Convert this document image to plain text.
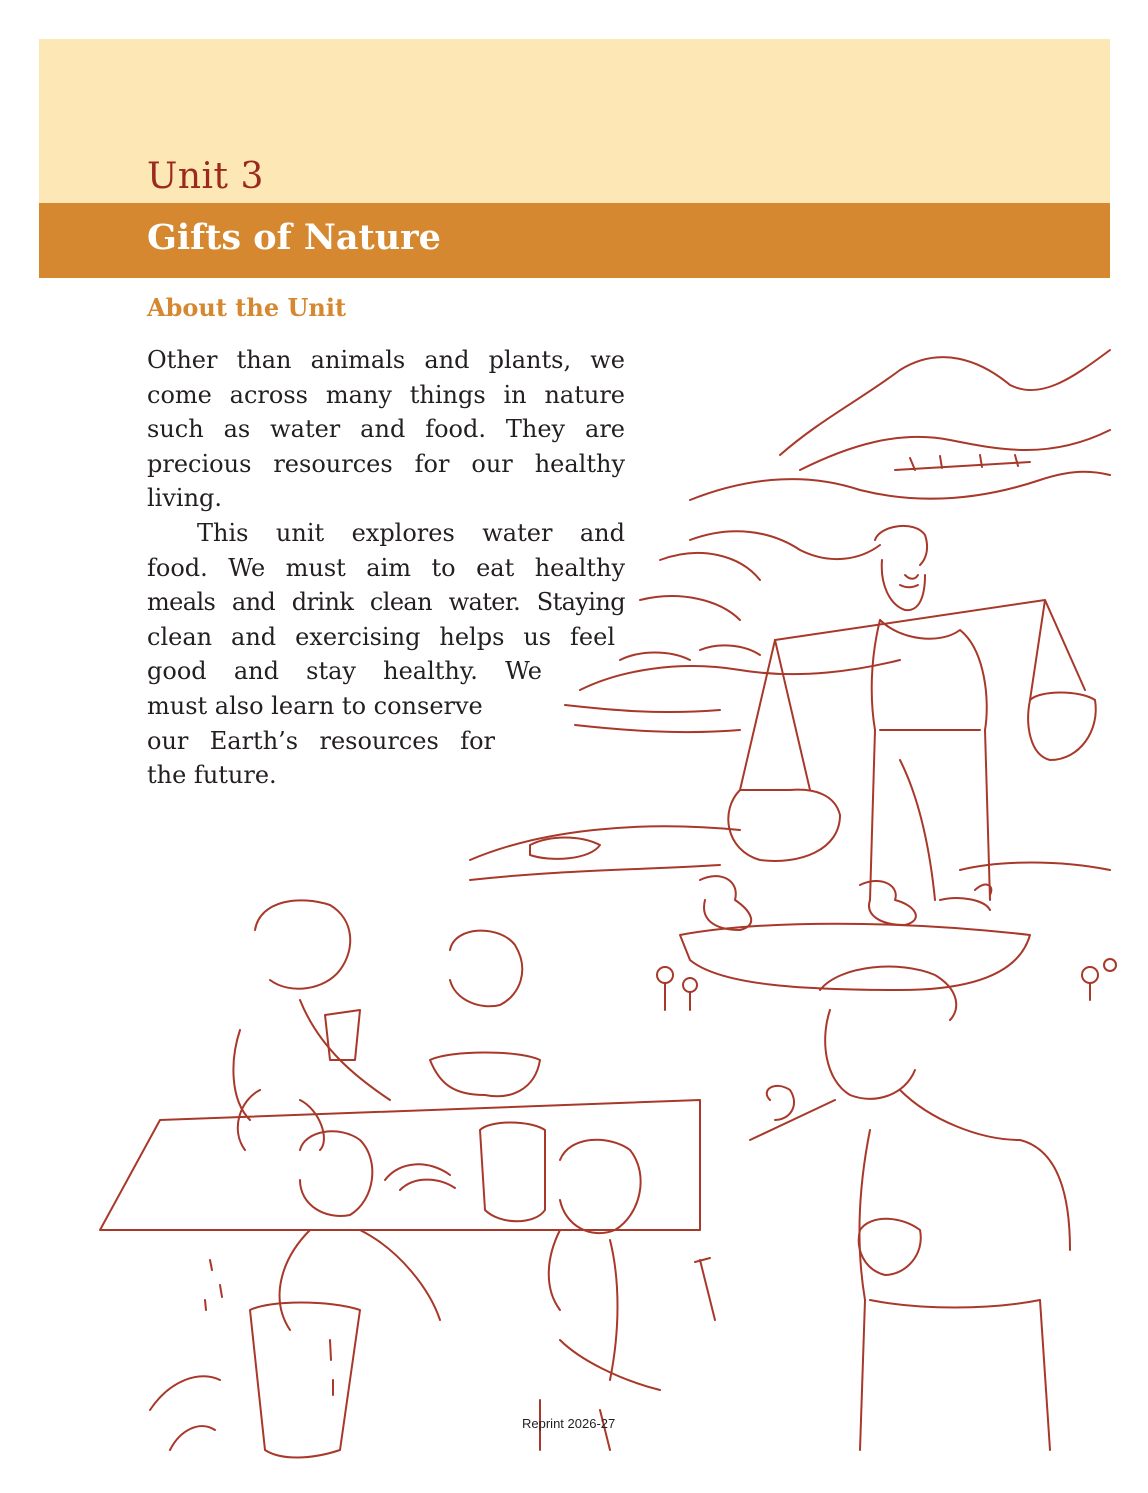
Unit 3
Gifts of Nature
About the Unit

Other than animals and plants, we come across many things in nature such as water and food. They are precious resources for our healthy living.

This unit explores water and
food. We must aim to eat healthy
meals and drink clean water. Staying
clean and exercising helps us feel
good and stay healthy. We
must also learn to conserve
our Earth’s resources for
the future.
Reprint 2026-27
